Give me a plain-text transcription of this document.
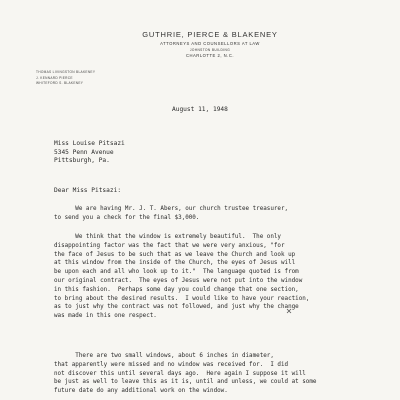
GUTHRIE, PIERCE & BLAKENEY
ATTORNEYS AND COUNSELLORS AT LAW
JOHNSTON BUILDING
CHARLOTTE 2, N.C.
THOMAS LIVINGSTON BLAKENEY
J. KENNARD PIERCE
WHITEFORD S. BLAKENEY
August 11, 1948
Miss Louise Pitsazi
5345 Penn Avenue
Pittsburgh, Pa.
Dear Miss Pitsazi:
We are having Mr. J. T. Abers, our church trustee treasurer,
to send you a check for the final $3,000.
We think that the window is extremely beautiful.  The only
disappointing factor was the fact that we were very anxious, "for
the face of Jesus to be such that as we leave the Church and look up
at this window from the inside of the Church, the eyes of Jesus will
be upon each and all who look up to it."  The language quoted is from
our original contract.  The eyes of Jesus were not put into the window
in this fashion.  Perhaps some day you could change that one section,
to bring about the desired results.  I would like to have your reaction,
as to just why the contract was not followed, and just why the change
was made in this one respect.
There are two small windows, about 6 inches in diameter,
that apparently were missed and no window was received for.  I did
not discover this until several days ago.  Here again I suppose it will
be just as well to leave this as it is, until and unless, we could at some
future date do any additional work on the window.
